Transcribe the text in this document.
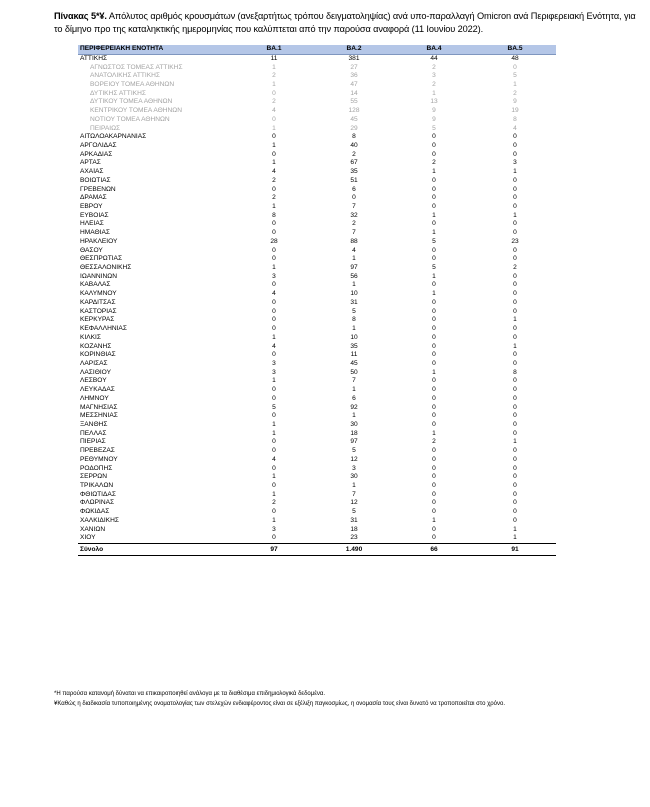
Πίνακας 5*¥. Απόλυτος αριθμός κρουσμάτων (ανεξαρτήτως τρόπου δειγματοληψίας) ανά υπο-παραλλαγή Omicron ανά Περιφερειακή Ενότητα, για το δίμηνο προ της καταληκτικής ημερομηνίας που καλύπτεται από την παρούσα αναφορά (11 Ιουνίου 2022).
ΠΕΡΙΦΕΡΕΙΑΚΗ ΕΝΟΤΗΤΑ	ΒΑ.1	ΒΑ.2	ΒΑ.4	ΒΑ.5
ΑΤΤΙΚΗΣ	11	381	44	48
ΑΓΝΩΣΤΟΣ ΤΟΜΕΑΣ ΑΤΤΙΚΗΣ	1	27	2	0
ΑΝΑΤΟΛΙΚΗΣ ΑΤΤΙΚΗΣ	2	36	3	5
ΒΟΡΕΙΟΥ ΤΟΜΕΑ ΑΘΗΝΩΝ	1	47	2	1
ΔΥΤΙΚΗΣ ΑΤΤΙΚΗΣ	0	14	1	2
ΔΥΤΙΚΟΥ ΤΟΜΕΑ ΑΘΗΝΩΝ	2	55	13	9
ΚΕΝΤΡΙΚΟΥ ΤΟΜΕΑ ΑΘΗΝΩΝ	4	128	9	19
ΝΟΤΙΟΥ ΤΟΜΕΑ ΑΘΗΝΩΝ	0	45	9	8
ΠΕΙΡΑΙΩΣ	1	29	5	4
ΑΙΤΩΛΟΑΚΑΡΝΑΝΙΑΣ	0	8	0	0
ΑΡΓΟΛΙΔΑΣ	1	40	0	0
ΑΡΚΑΔΙΑΣ	0	2	0	0
ΑΡΤΑΣ	1	67	2	3
ΑΧΑΪΑΣ	4	35	1	1
ΒΟΙΩΤΙΑΣ	2	51	0	0
ΓΡΕΒΕΝΩΝ	0	6	0	0
ΔΡΑΜΑΣ	2	0	0	0
ΕΒΡΟΥ	1	7	0	0
ΕΥΒΟΙΑΣ	8	32	1	1
ΗΛΕΙΑΣ	0	2	0	0
ΗΜΑΘΙΑΣ	0	7	1	0
ΗΡΑΚΛΕΙΟΥ	28	88	5	23
ΘΑΣΟΥ	0	4	0	0
ΘΕΣΠΡΩΤΙΑΣ	0	1	0	0
ΘΕΣΣΑΛΟΝΙΚΗΣ	1	97	5	2
ΙΩΑΝΝΙΝΩΝ	3	56	1	0
ΚΑΒΑΛΑΣ	0	1	0	0
ΚΑΛΥΜΝΟΥ	4	10	1	0
ΚΑΡΔΙΤΣΑΣ	0	31	0	0
ΚΑΣΤΟΡΙΑΣ	0	5	0	0
ΚΕΡΚΥΡΑΣ	0	8	0	1
ΚΕΦΑΛΛΗΝΙΑΣ	0	1	0	0
ΚΙΛΚΙΣ	1	10	0	0
ΚΟΖΑΝΗΣ	4	35	0	1
ΚΟΡΙΝΘΙΑΣ	0	11	0	0
ΛΑΡΙΣΑΣ	3	45	0	0
ΛΑΣΙΘΙΟΥ	3	50	1	8
ΛΕΣΒΟΥ	1	7	0	0
ΛΕΥΚΑΔΑΣ	0	1	0	0
ΛΗΜΝΟΥ	0	6	0	0
ΜΑΓΝΗΣΙΑΣ	5	92	0	0
ΜΕΣΣΗΝΙΑΣ	0	1	0	0
ΞΑΝΘΗΣ	1	30	0	0
ΠΕΛΛΑΣ	1	18	1	0
ΠΙΕΡΙΑΣ	0	97	2	1
ΠΡΕΒΕΖΑΣ	0	5	0	0
ΡΕΘΥΜΝΟΥ	4	12	0	0
ΡΟΔΟΠΗΣ	0	3	0	0
ΣΕΡΡΩΝ	1	30	0	0
ΤΡΙΚΑΛΩΝ	0	1	0	0
ΦΘΙΩΤΙΔΑΣ	1	7	0	0
ΦΛΩΡΙΝΑΣ	2	12	0	0
ΦΩΚΙΔΑΣ	0	5	0	0
ΧΑΛΚΙΔΙΚΗΣ	1	31	1	0
ΧΑΝΙΩΝ	3	18	0	1
ΧΙΟΥ	0	23	0	1
Σύνολο	97	1.490	66	91
*Η παρούσα κατανομή δύναται να επικαιροποιηθεί ανάλογα με τα διαθέσιμα επιδημιολογικά δεδομένα.
¥Καθώς η διαδικασία τυποποιημένης ονοματολογίας των στελεχών ενδιαφέροντος είναι σε εξέλιξη παγκοσμίως, η ονομασία τους είναι δυνατό να τροποποιείται στο χρόνο.
